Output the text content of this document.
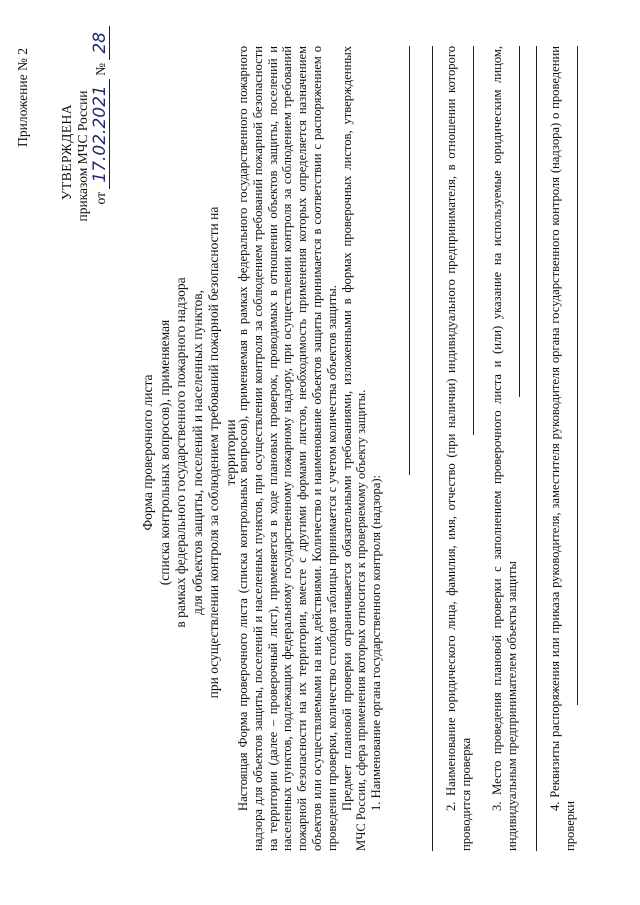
Приложение № 2
УТВЕРЖДЕНА приказом МЧС России от 17.02.2021 № 28
Форма проверочного листа (списка контрольных вопросов), применяемая в рамках федерального государственного пожарного надзора для объектов защиты, поселений и населенных пунктов, при осуществлении контроля за соблюдением требований пожарной безопасности на территории

Настоящая Форма проверочного листа (списка контрольных вопросов), применяемая в рамках федерального государственного пожарного надзора для объектов защиты, поселений и населенных пунктов, при осуществлении контроля за соблюдением требований пожарной безопасности на территории (далее – проверочный лист), применяется в ходе плановых проверок, проводимых в отношении объектов защиты, поселений и населенных пунктов, подлежащих федеральному государственному пожарному надзору, при осуществлении контроля за соблюдением требований пожарной безопасности на их территории, вместе с другими формами листов, необходимость применения которых определяется назначением объектов или осуществляемыми на них действиями. Количество и наименование объектов защиты принимается в соответствии с распоряжением о проведении проверки, количество столбцов таблицы принимается с учетом количества объектов защиты. Предмет плановой проверки ограничивается обязательными требованиями, изложенными в формах проверочных листов, утвержденных МЧС России, сфера применения которых относится к проверяемому объекту защиты. 1. Наименование органа государственного контроля (надзора):	2. Наименование юридического лица, фамилия, имя, отчество (при наличии) индивидуального предпринимателя, в отношении которого проводится проверка 3. Место проведения плановой проверки с заполнением проверочного листа и (или) указание на используемые юридическим лицом, индивидуальным предпринимателем объекты защиты 4. Реквизиты распоряжения или приказа руководителя, заместителя руководителя органа государственного контроля (надзора) о проведении проверки
